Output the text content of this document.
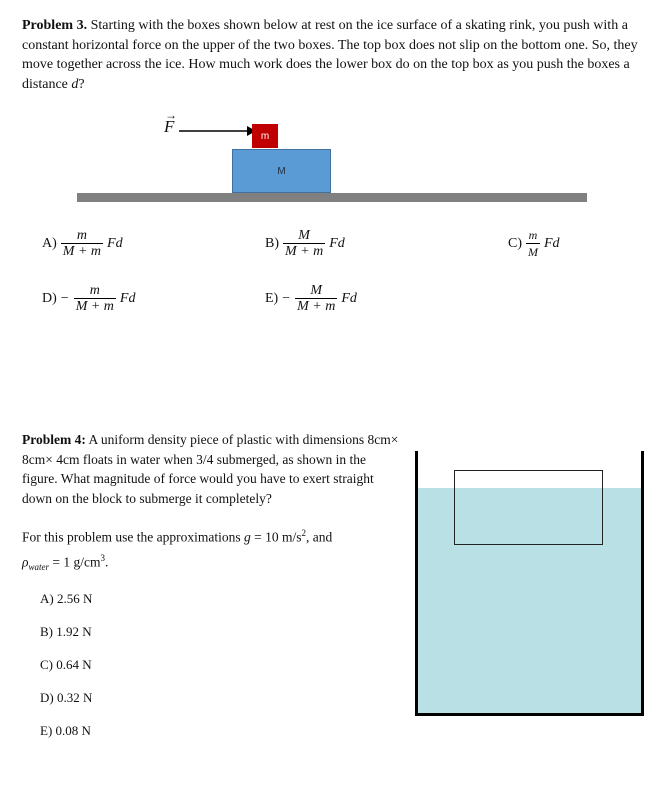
Problem 3. Starting with the boxes shown below at rest on the ice surface of a skating rink, you push with a constant horizontal force on the upper of the two boxes. The top box does not slip on the bottom one. So, they move together across the ice. How much work does the lower box do on the top box as you push the boxes a distance d?
F
→
m
M
$A) \frac{m}{M + m}$ Fd	$B) \frac{M}{M + m}$ Fd	$C) \frac{m}{M}$ Fd
$D) - \frac{m}{M + m}$ Fd	$E) - \frac{M}{M + m}$ Fd
Problem 4: A uniform density piece of plastic with dimensions 8cm× 8cm× 4cm floats in water when 3/4 submerged, as shown in the figure. What magnitude of force would you have to exert straight down on the block to submerge it completely?
For this problem use the approximations g = 10 $m/s^2$, and
$\rho_{water} = 1$ $g/cm^3$.
A) 2.56 N
B) 1.92 N
C) 0.64 N
D) 0.32 N
E) 0.08 N
